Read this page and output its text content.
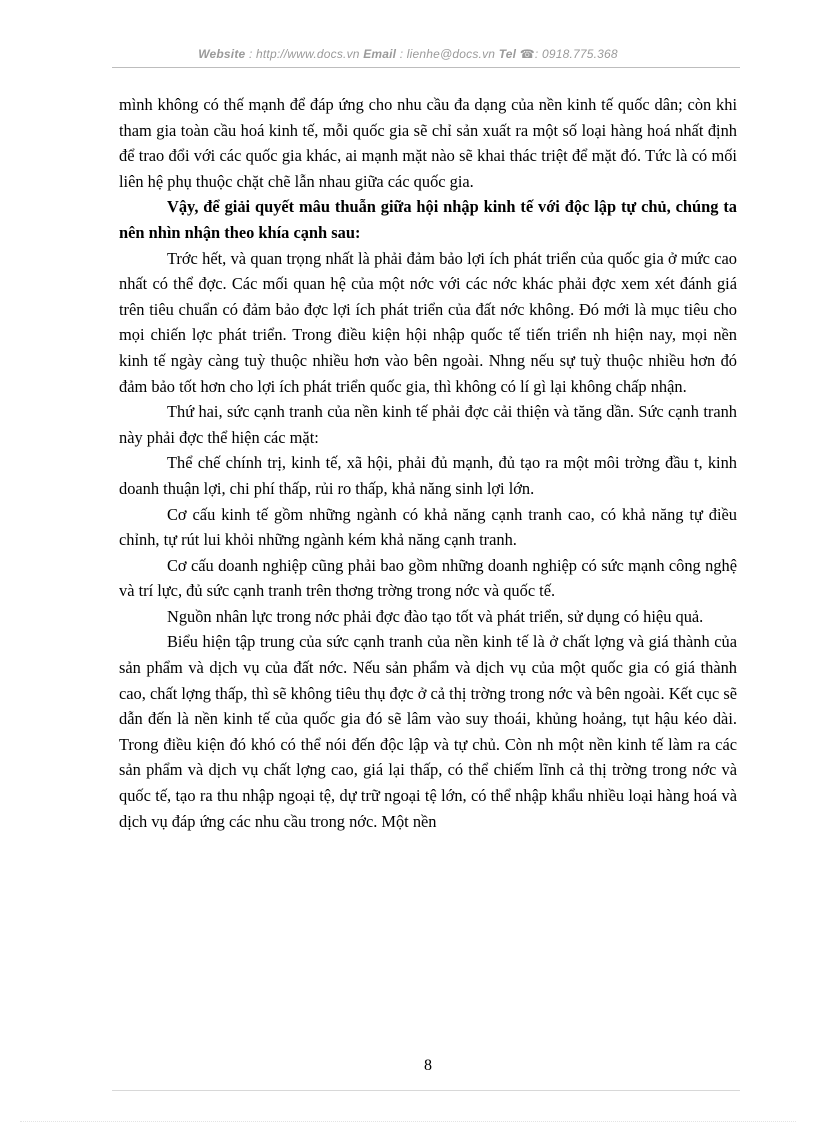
Website : http://www.docs.vn Email : lienhe@docs.vn Tel ☎: 0918.775.368

mình không có thế mạnh để đáp ứng cho nhu cầu đa dạng của nền kinh tế quốc dân; còn khi tham gia toàn cầu hoá kinh tế, mỗi quốc gia sẽ chỉ sản xuất ra một số loại hàng hoá nhất định để trao đổi với các quốc gia khác, ai mạnh mặt nào sẽ khai thác triệt để mặt đó. Tức là có mối liên hệ phụ thuộc chặt chẽ lẫn nhau giữa các quốc gia.

Vậy, để giải quyết mâu thuẫn giữa hội nhập kinh tế với độc lập tự chủ, chúng ta nên nhìn nhận theo khía cạnh sau:

Trớc hết, và quan trọng nhất là phải đảm bảo lợi ích phát triển của quốc gia ở mức cao nhất có thể đợc. Các mối quan hệ của một nớc với các nớc khác phải đợc xem xét đánh giá trên tiêu chuẩn có đảm bảo đợc lợi ích phát triển của đất nớc không. Đó mới là mục tiêu cho mọi chiến lợc phát triển. Trong điều kiện hội nhập quốc tế tiến triển nh hiện nay, mọi nền kinh tế ngày càng tuỳ thuộc nhiều hơn vào bên ngoài. Nhng nếu sự tuỳ thuộc nhiều hơn đó đảm bảo tốt hơn cho lợi ích phát triển quốc gia, thì không có lí gì lại không chấp nhận.

Thứ hai, sức cạnh tranh của nền kinh tế phải đợc cải thiện và tăng dần. Sức cạnh tranh này phải đợc thể hiện các mặt:

Thể chế chính trị, kinh tế, xã hội, phải đủ mạnh, đủ tạo ra một môi trờng đầu t, kinh doanh thuận lợi, chi phí thấp, rủi ro thấp, khả năng sinh lợi lớn.

Cơ cấu kinh tế gồm những ngành có khả năng cạnh tranh cao, có khả năng tự điều chỉnh, tự rút lui khỏi những ngành kém khả năng cạnh tranh.

Cơ cấu doanh nghiệp cũng phải bao gồm những doanh nghiệp có sức mạnh công nghệ và trí lực, đủ sức cạnh tranh trên thơng trờng trong nớc và quốc tế.

Nguồn nhân lực trong nớc phải đợc đào tạo tốt và phát triển, sử dụng có hiệu quả.

Biểu hiện tập trung của sức cạnh tranh của nền kinh tế là ở chất lợng và giá thành của sản phẩm và dịch vụ của đất nớc. Nếu sản phẩm và dịch vụ của một quốc gia có giá thành cao, chất lợng thấp, thì sẽ không tiêu thụ đợc ở cả thị trờng trong nớc và bên ngoài. Kết cục sẽ dẫn đến là nền kinh tế của quốc gia đó sẽ lâm vào suy thoái, khủng hoảng, tụt hậu kéo dài. Trong điều kiện đó khó có thể nói đến độc lập và tự chủ. Còn nh một nền kinh tế làm ra các sản phẩm và dịch vụ chất lợng cao, giá lại thấp, có thể chiếm lĩnh cả thị trờng trong nớc và quốc tế, tạo ra thu nhập ngoại tệ, dự trữ ngoại tệ lớn, có thể nhập khẩu nhiều loại hàng hoá và dịch vụ đáp ứng các nhu cầu trong nớc. Một nền

8
